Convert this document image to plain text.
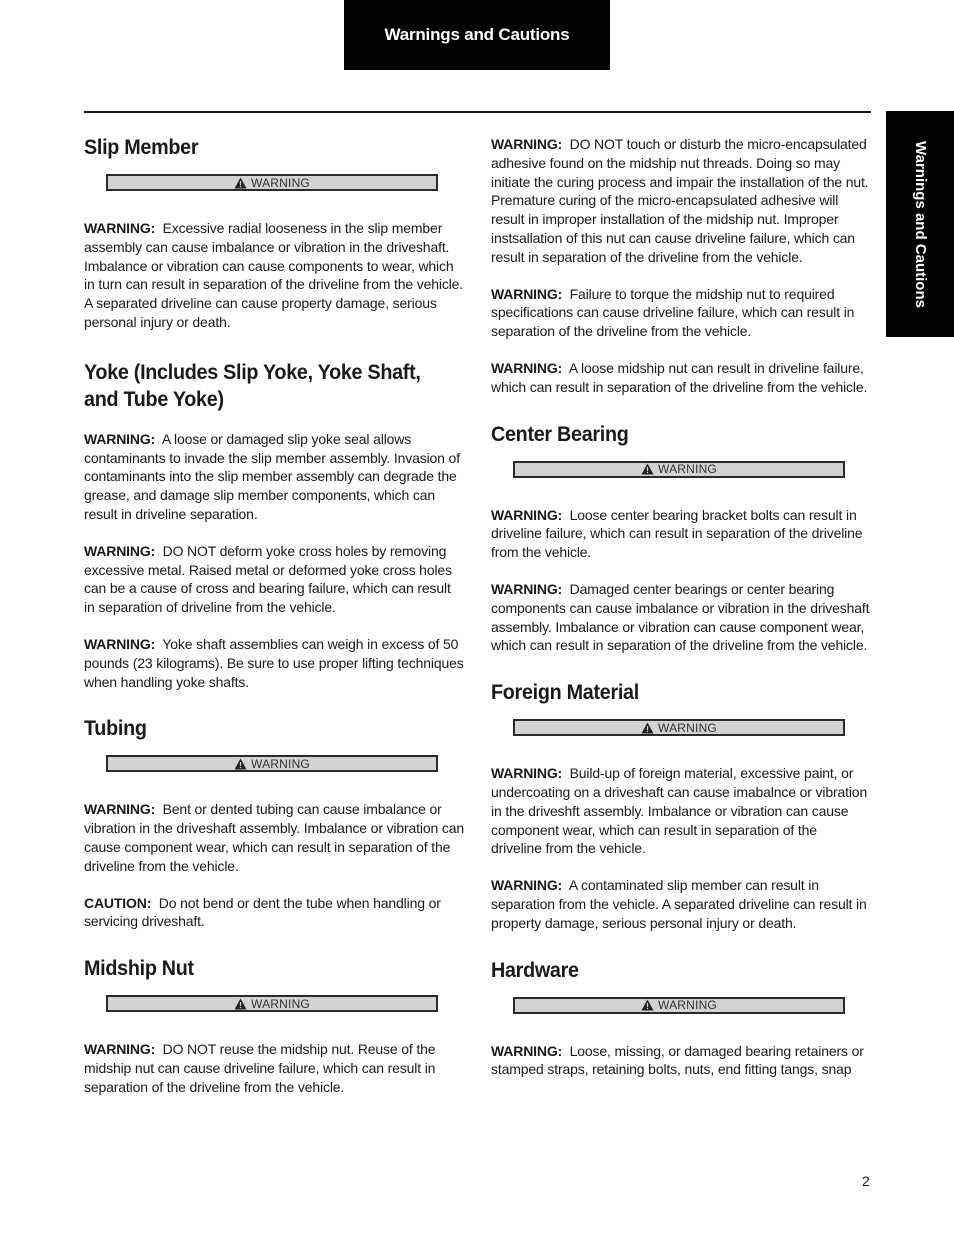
Warnings and Cautions
Warnings and Cautions
Slip Member
WARNING

WARNING: Excessive radial looseness in the slip member assembly can cause imbalance or vibration in the driveshaft. Imbalance or vibration can cause components to wear, which in turn can result in separation of the driveline from the vehicle. A separated driveline can cause property damage, serious personal injury or death.

Yoke (Includes Slip Yoke, Yoke Shaft, and Tube Yoke)

WARNING: A loose or damaged slip yoke seal allows contaminants to invade the slip member assembly. Invasion of contaminants into the slip member assembly can degrade the grease, and damage slip member components, which can result in driveline separation.

WARNING: DO NOT deform yoke cross holes by removing excessive metal. Raised metal or deformed yoke cross holes can be a cause of cross and bearing failure, which can result in separation of driveline from the vehicle.

WARNING: Yoke shaft assemblies can weigh in excess of 50 pounds (23 kilograms). Be sure to use proper lifting techniques when handling yoke shafts.

Tubing
WARNING

WARNING: Bent or dented tubing can cause imbalance or vibration in the driveshaft assembly. Imbalance or vibration can cause component wear, which can result in separation of the driveline from the vehicle.

CAUTION: Do not bend or dent the tube when handling or servicing driveshaft.

Midship Nut
WARNING

WARNING: DO NOT reuse the midship nut. Reuse of the midship nut can cause driveline failure, which can result in separation of the driveline from the vehicle.

WARNING: DO NOT touch or disturb the micro-encapsulated adhesive found on the midship nut threads. Doing so may initiate the curing process and impair the installation of the nut. Premature curing of the micro-encapsulated adhesive will result in improper installation of the midship nut. Improper instsallation of this nut can cause driveline failure, which can result in separation of the driveline from the vehicle.

WARNING: Failure to torque the midship nut to required specifications can cause driveline failure, which can result in separation of the driveline from the vehicle.

WARNING: A loose midship nut can result in driveline failure, which can result in separation of the driveline from the vehicle.

Center Bearing
WARNING

WARNING: Loose center bearing bracket bolts can result in driveline failure, which can result in separation of the driveline from the vehicle.

WARNING: Damaged center bearings or center bearing components can cause imbalance or vibration in the driveshaft assembly. Imbalance or vibration can cause component wear, which can result in separation of the driveline from the vehicle.

Foreign Material
WARNING

WARNING: Build-up of foreign material, excessive paint, or undercoating on a driveshaft can cause imabalnce or vibration in the driveshft assembly. Imbalance or vibration can cause component wear, which can result in separation of the driveline from the vehicle.

WARNING: A contaminated slip member can result in separation from the vehicle. A separated driveline can result in property damage, serious personal injury or death.

Hardware
WARNING

WARNING: Loose, missing, or damaged bearing retainers or stamped straps, retaining bolts, nuts, end fitting tangs, snap

2
